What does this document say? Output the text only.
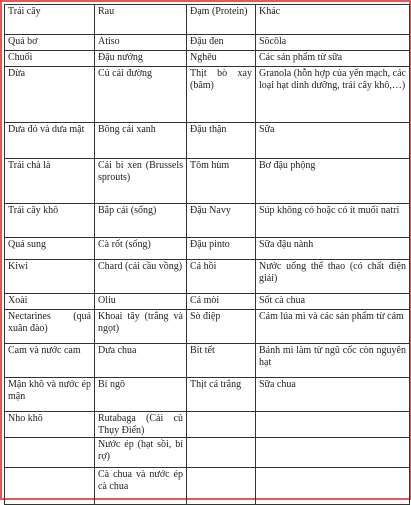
Trái cây	Rau	Đạm (Protein)	Khác
Quả bơ	Atiso	Đậu đen	Sôcôla
Chuối	Đậu nướng	Nghêu	Các sản phẩm từ sữa
Dừa	Củ cải đường	Thịt bò xay (băm)	Granola (hỗn hợp của yến mạch, các loại hạt dinh dưỡng, trái cây khô,…)
Dưa đỏ và dưa mật	Bông cải xanh	Đậu thận	Sữa
Trái chà là	Cải bi xen (Brussels sprouts)	Tôm hùm	Bơ đậu phộng
Trái cây khô	Bắp cải (sống)	Đậu Navy	Súp không có hoặc có ít muối natri
Quả sung	Cà rốt (sống)	Đậu pinto	Sữa đậu nành
Kiwi	Chard (cải cầu vồng)	Cá hồi	Nước uống thể thao (có chất điện giải)
Xoài	Oliu	Cá mòi	Sốt cà chua
Nectarines (quả xuân đào)	Khoai tây (trắng và ngọt)	Sò điệp	Cám lúa mì và các sản phẩm từ cám
Cam và nước cam	Dưa chua	Bít tết	Bánh mì làm từ ngũ cốc còn nguyên hạt
Mận khô và nước ép mận	Bí ngô	Thịt cá trắng	Sữa chua
Nho khô	Rutabaga (Cải củ Thụy Điển)		
	Nước ép (hạt sồi, bí rợ)		
	Cà chua và nước ép cà chua		
